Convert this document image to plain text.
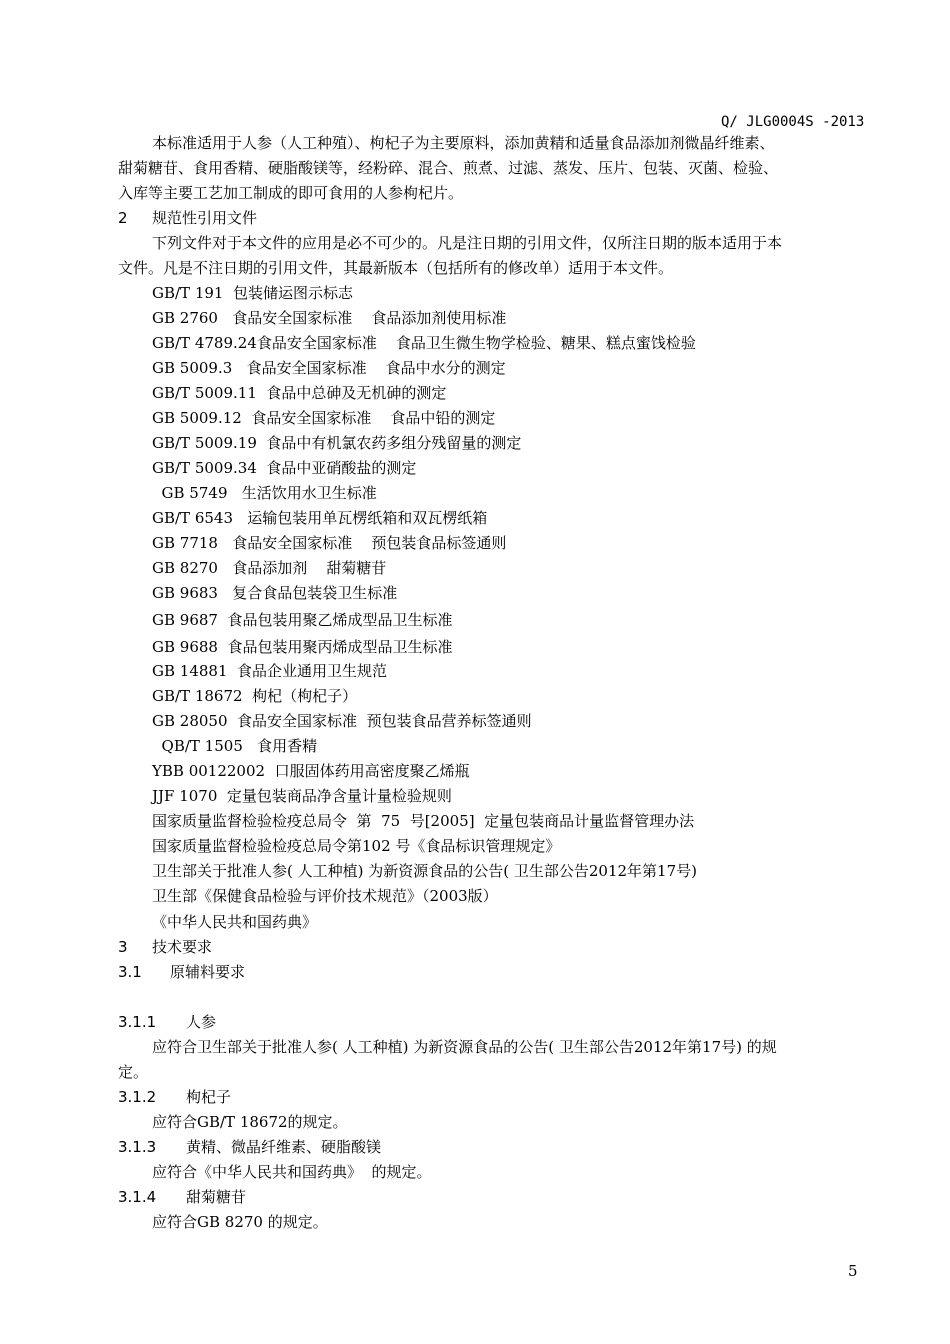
Q/ JLG0004S -2013
本标准适用于人参（人工种殖）、枸杞子为主要原料，添加黄精和适量食品添加剂微晶纤维素、
甜菊糖苷、食用香精、硬脂酸镁等，经粉碎、混合、煎煮、过滤、蒸发、压片、包装、灭菌、检验、
入库等主要工艺加工制成的即可食用的人参枸杞片。
2 规范性引用文件
下列文件对于本文件的应用是必不可少的。凡是注日期的引用文件，仅所注日期的版本适用于本
文件。凡是不注日期的引用文件，其最新版本（包括所有的修改单）适用于本文件。
GB/T 191  包装储运图示标志
GB 2760   食品安全国家标准    食品添加剂使用标准
GB/T 4789.24食品安全国家标准    食品卫生微生物学检验、糖果、糕点蜜饯检验
GB 5009.3   食品安全国家标准    食品中水分的测定
GB/T 5009.11  食品中总砷及无机砷的测定
GB 5009.12  食品安全国家标准    食品中铅的测定
GB/T 5009.19  食品中有机氯农药多组分残留量的测定
GB/T 5009.34  食品中亚硝酸盐的测定
GB 5749   生活饮用水卫生标准
GB/T 6543   运输包装用单瓦楞纸箱和双瓦楞纸箱
GB 7718   食品安全国家标准    预包装食品标签通则
GB 8270   食品添加剂    甜菊糖苷
GB 9683   复合食品包装袋卫生标准
GB 9687  食品包装用聚乙烯成型品卫生标准
GB 9688  食品包装用聚丙烯成型品卫生标准
GB 14881  食品企业通用卫生规范
GB/T 18672  枸杞（枸杞子）
GB 28050  食品安全国家标准  预包装食品营养标签通则
QB/T 1505   食用香精
YBB 00122002  口服固体药用高密度聚乙烯瓶
JJF 1070  定量包装商品净含量计量检验规则
国家质量监督检验检疫总局令  第  75  号[2005]  定量包装商品计量监督管理办法
国家质量监督检验检疫总局令第102 号《食品标识管理规定》
卫生部关于批准人参( 人工种植) 为新资源食品的公告( 卫生部公告2012年第17号)
卫生部《保健食品检验与评价技术规范》（2003版）
《中华人民共和国药典》
3 技术要求
3.1 原辅料要求
3.1.1 人参
应符合卫生部关于批准人参( 人工种植) 为新资源食品的公告( 卫生部公告2012年第17号) 的规
定。
3.1.2 枸杞子
应符合GB/T 18672的规定。
3.1.3 黄精、微晶纤维素、硬脂酸镁
应符合《中华人民共和国药典》  的规定。
3.1.4 甜菊糖苷
应符合GB 8270 的规定。
5
